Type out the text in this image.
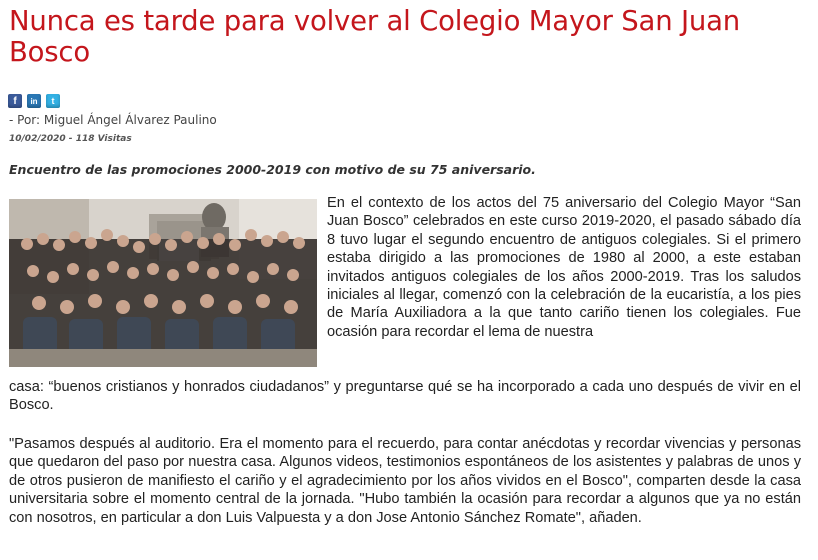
Nunca es tarde para volver al Colegio Mayor San Juan Bosco
f	in	t
- Por: Miguel Ángel Álvarez Paulino
10/02/2020 - 118 Visitas
Encuentro de las promociones 2000-2019 con motivo de su 75 aniversario.

En el contexto de los actos del 75 aniversario del Colegio Mayor “San Juan Bosco” celebrados en este curso 2019-2020, el pasado sábado día 8 tuvo lugar el segundo encuentro de antiguos colegiales. Si el primero estaba dirigido a las promociones de 1980 al 2000, a este estaban invitados antiguos colegiales de los años 2000-2019. Tras los saludos iniciales al llegar, comenzó con la celebración de la eucaristía, a los pies de María Auxiliadora a la que tanto cariño tienen los colegiales. Fue ocasión para recordar el lema de nuestra

casa: “buenos cristianos y honrados ciudadanos” y preguntarse qué se ha incorporado a cada uno después de vivir en el Bosco.

"Pasamos después al auditorio. Era el momento para el recuerdo, para contar anécdotas y recordar vivencias y personas que quedaron del paso por nuestra casa. Algunos videos, testimonios espontáneos de los asistentes y palabras de unos y de otros pusieron de manifiesto el cariño y el agradecimiento por los años vividos en el Bosco", comparten desde la casa universitaria sobre el momento central de la jornada. "Hubo también la ocasión para recordar a algunos que ya no están con nosotros, en particular a don Luis Valpuesta y a don Jose Antonio Sánchez Romate", añaden.
